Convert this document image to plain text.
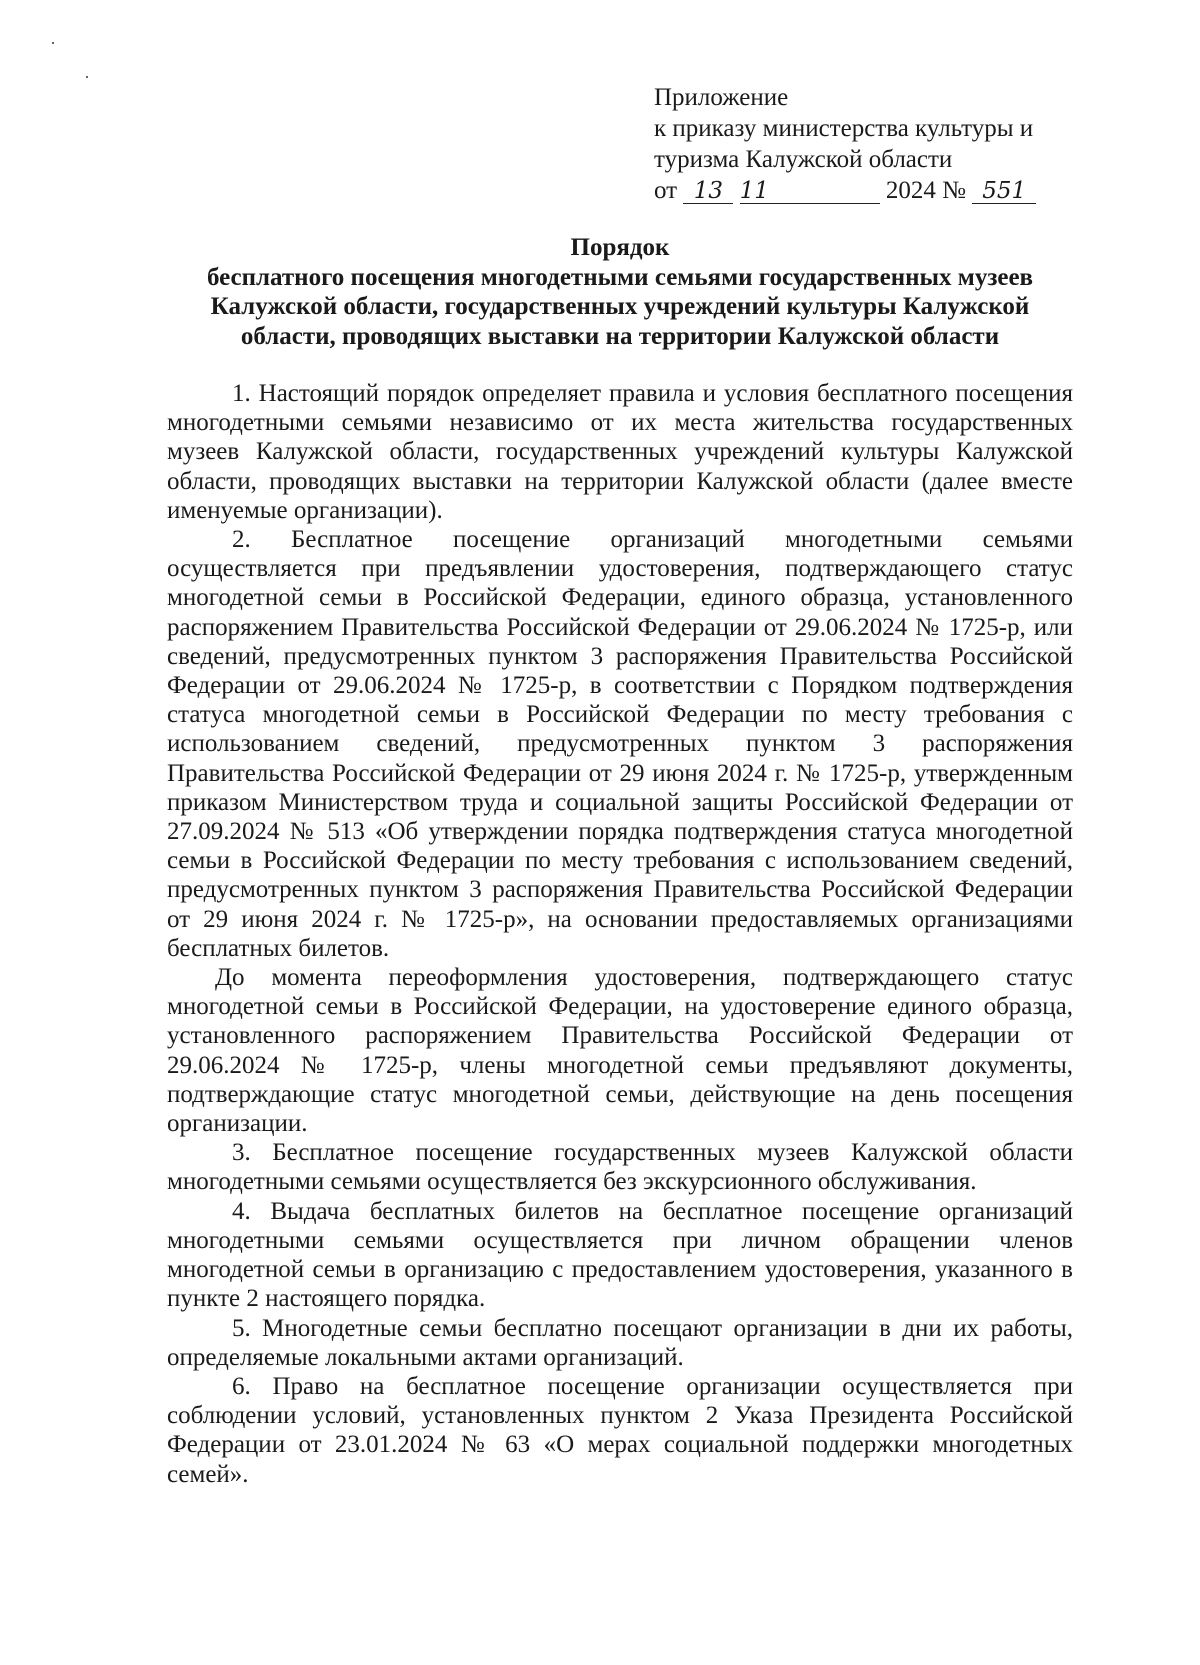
Приложение
к приказу министерства культуры и
туризма Калужской области
от 13 11	2024 № 551
Порядок
бесплатного посещения многодетными семьями государственных музеев
Калужской области, государственных учреждений культуры Калужской
области, проводящих выставки на территории Калужской области

1. Настоящий порядок определяет правила и условия бесплатного посещения многодетными семьями независимо от их места жительства государственных музеев Калужской области, государственных учреждений культуры Калужской области, проводящих выставки на территории Калужской области (далее вместе именуемые организации).

2. Бесплатное посещение организаций многодетными семьями осуществляется при предъявлении удостоверения, подтверждающего статус многодетной семьи в Российской Федерации, единого образца, установленного распоряжением Правительства Российской Федерации от 29.06.2024 № 1725-р, или сведений, предусмотренных пунктом 3 распоряжения Правительства Российской Федерации от 29.06.2024 № 1725-р, в соответствии с Порядком подтверждения статуса многодетной семьи в Российской Федерации по месту требования с использованием сведений, предусмотренных пунктом 3 распоряжения Правительства Российской Федерации от 29 июня 2024 г. № 1725-р, утвержденным приказом Министерством труда и социальной защиты Российской Федерации от 27.09.2024 № 513 «Об утверждении порядка подтверждения статуса многодетной семьи в Российской Федерации по месту требования с использованием сведений, предусмотренных пунктом 3 распоряжения Правительства Российской Федерации от 29 июня 2024 г. № 1725-р», на основании предоставляемых организациями бесплатных билетов.

До момента переоформления удостоверения, подтверждающего статус многодетной семьи в Российской Федерации, на удостоверение единого образца, установленного распоряжением Правительства Российской Федерации от 29.06.2024 № 1725-р, члены многодетной семьи предъявляют документы, подтверждающие статус многодетной семьи, действующие на день посещения организации.

3. Бесплатное посещение государственных музеев Калужской области многодетными семьями осуществляется без экскурсионного обслуживания.

4. Выдача бесплатных билетов на бесплатное посещение организаций многодетными семьями осуществляется при личном обращении членов многодетной семьи в организацию с предоставлением удостоверения, указанного в пункте 2 настоящего порядка.

5. Многодетные семьи бесплатно посещают организации в дни их работы, определяемые локальными актами организаций.

6. Право на бесплатное посещение организации осуществляется при соблюдении условий, установленных пунктом 2 Указа Президента Российской Федерации от 23.01.2024 № 63 «О мерах социальной поддержки многодетных семей».
